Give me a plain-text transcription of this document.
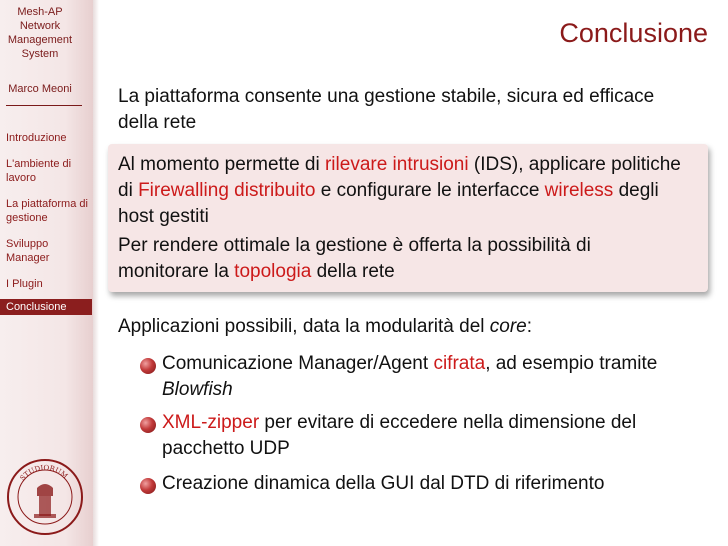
Mesh-AP
Network
Management
System
Marco Meoni
Introduzione
L'ambiente di lavoro
La piattaforma di gestione
Sviluppo Manager
I Plugin
Conclusione
STUDIORUM
Conclusione
La piattaforma consente una gestione stabile, sicura ed efficace della rete
Al momento permette di rilevare intrusioni (IDS), applicare politiche di Firewalling distribuito e configurare le interfacce wireless degli host gestiti
Per rendere ottimale la gestione è offerta la possibilità di monitorare la topologia della rete
Applicazioni possibili, data la modularità del core:
Comunicazione Manager/Agent cifrata, ad esempio tramite Blowfish
XML-zipper per evitare di eccedere nella dimensione del pacchetto UDP
Creazione dinamica della GUI dal DTD di riferimento
